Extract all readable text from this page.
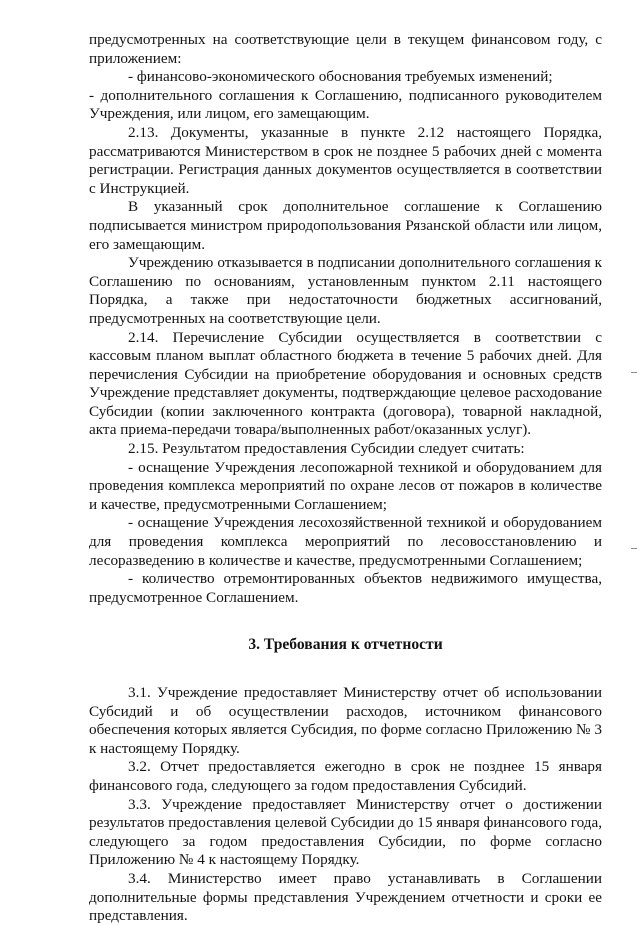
предусмотренных на соответствующие цели в текущем финансовом году, с приложением:

- финансово-экономического обоснования требуемых изменений;

- дополнительного соглашения к Соглашению, подписанного руководителем Учреждения, или лицом, его замещающим.

2.13. Документы, указанные в пункте 2.12 настоящего Порядка, рассматриваются Министерством в срок не позднее 5 рабочих дней с момента регистрации. Регистрация данных документов осуществляется в соответствии с Инструкцией.

В указанный срок дополнительное соглашение к Соглашению подписывается министром природопользования Рязанской области или лицом, его замещающим.

Учреждению отказывается в подписании дополнительного соглашения к Соглашению по основаниям, установленным пунктом 2.11 настоящего Порядка, а также при недостаточности бюджетных ассигнований, предусмотренных на соответствующие цели.

2.14. Перечисление Субсидии осуществляется в соответствии с кассовым планом выплат областного бюджета в течение 5 рабочих дней. Для перечисления Субсидии на приобретение оборудования и основных средств Учреждение представляет документы, подтверждающие целевое расходование Субсидии (копии заключенного контракта (договора), товарной накладной, акта приема-передачи товара/выполненных работ/оказанных услуг).

2.15. Результатом предоставления Субсидии следует считать:

- оснащение Учреждения лесопожарной техникой и оборудованием для проведения комплекса мероприятий по охране лесов от пожаров в количестве и качестве, предусмотренными Соглашением;

- оснащение Учреждения лесохозяйственной техникой и оборудованием для проведения комплекса мероприятий по лесовосстановлению и лесоразведению в количестве и качестве, предусмотренными Соглашением;

- количество отремонтированных объектов недвижимого имущества, предусмотренное Соглашением.

3. Требования к отчетности

3.1. Учреждение предоставляет Министерству отчет об использовании Субсидий и об осуществлении расходов, источником финансового обеспечения которых является Субсидия, по форме согласно Приложению № 3 к настоящему Порядку.

3.2. Отчет предоставляется ежегодно в срок не позднее 15 января финансового года, следующего за годом предоставления Субсидий.

3.3. Учреждение предоставляет Министерству отчет о достижении результатов предоставления целевой Субсидии до 15 января финансового года, следующего за годом предоставления Субсидии, по форме согласно Приложению № 4 к настоящему Порядку.

3.4. Министерство имеет право устанавливать в Соглашении дополнительные формы представления Учреждением отчетности и сроки ее представления.
